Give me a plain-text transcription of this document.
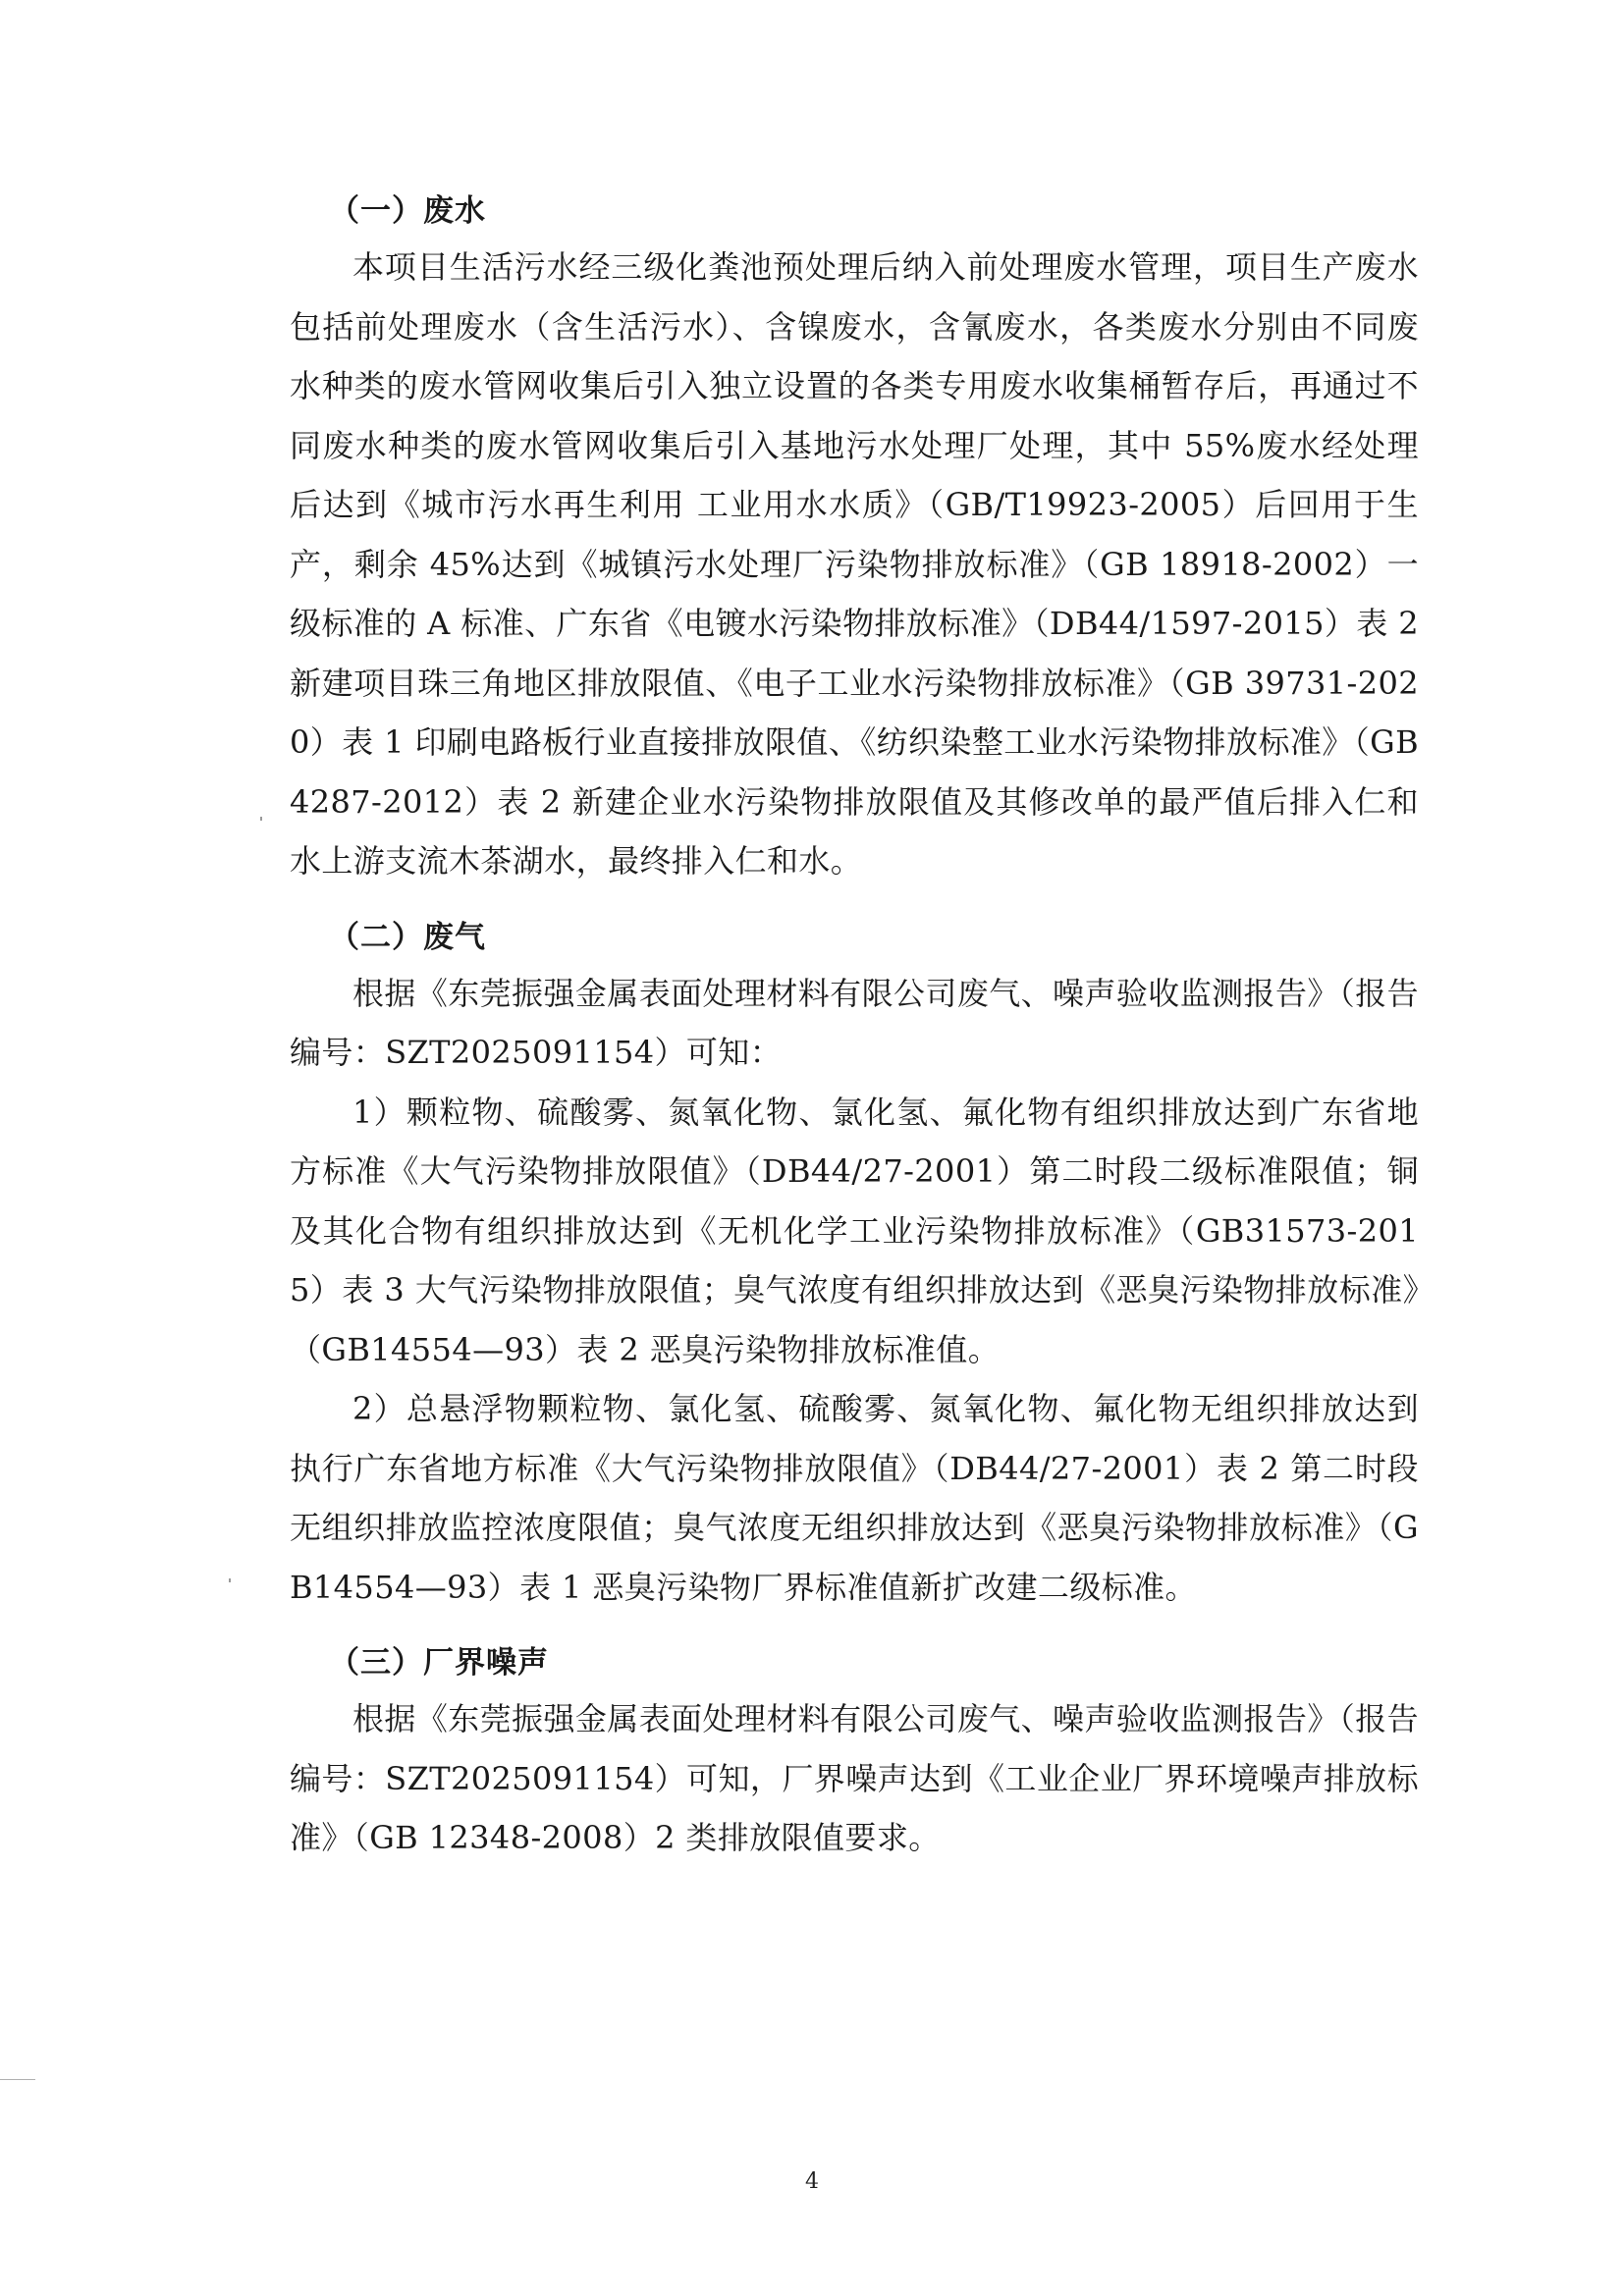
（一）废水

本项目生活污水经三级化粪池预处理后纳入前处理废水管理，项目生产废水包括前处理废水（含生活污水）、含镍废水，含氰废水，各类废水分别由不同废水种类的废水管网收集后引入独立设置的各类专用废水收集桶暂存后，再通过不同废水种类的废水管网收集后引入基地污水处理厂处理，其中 55%废水经处理后达到《城市污水再生利用 工业用水水质》（GB/T19923-2005）后回用于生产，剩余 45%达到《城镇污水处理厂污染物排放标准》（GB 18918-2002）一级标准的 A 标准、广东省《电镀水污染物排放标准》（DB44/1597-2015）表 2 新建项目珠三角地区排放限值、《电子工业水污染物排放标准》（GB 39731-2020）表 1 印刷电路板行业直接排放限值、《纺织染整工业水污染物排放标准》（GB4287-2012）表 2 新建企业水污染物排放限值及其修改单的最严值后排入仁和水上游支流木茶湖水，最终排入仁和水。

（二）废气

根据《东莞振强金属表面处理材料有限公司废气、噪声验收监测报告》（报告编号：SZT2025091154）可知：

1）颗粒物、硫酸雾、氮氧化物、氯化氢、氟化物有组织排放达到广东省地方标准《大气污染物排放限值》（DB44/27-2001）第二时段二级标准限值；铜及其化合物有组织排放达到《无机化学工业污染物排放标准》（GB31573-2015）表 3 大气污染物排放限值；臭气浓度有组织排放达到《恶臭污染物排放标准》（GB14554—93）表 2 恶臭污染物排放标准值。

2）总悬浮物颗粒物、氯化氢、硫酸雾、氮氧化物、氟化物无组织排放达到执行广东省地方标准《大气污染物排放限值》（DB44/27-2001）表 2 第二时段无组织排放监控浓度限值；臭气浓度无组织排放达到《恶臭污染物排放标准》（GB14554—93）表 1 恶臭污染物厂界标准值新扩改建二级标准。

（三）厂界噪声

根据《东莞振强金属表面处理材料有限公司废气、噪声验收监测报告》（报告编号：SZT2025091154）可知，厂界噪声达到《工业企业厂界环境噪声排放标准》（GB 12348-2008）2 类排放限值要求。

4
